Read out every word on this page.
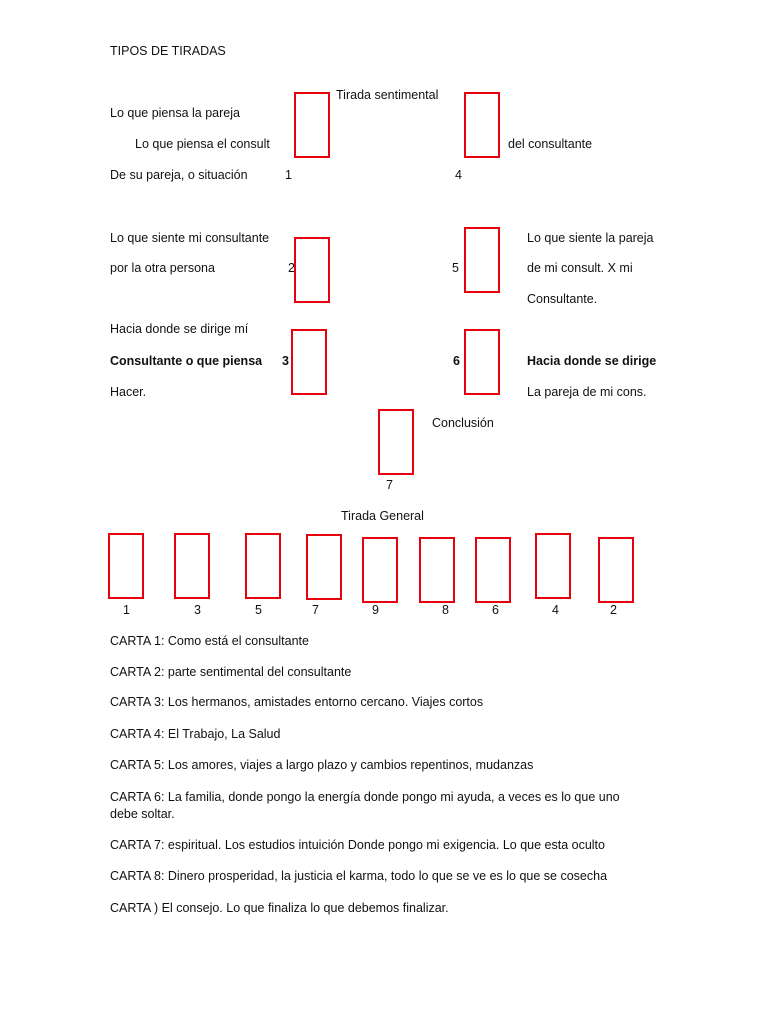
TIPOS DE TIRADAS
Tirada sentimental
Lo que piensa la pareja
Lo que piensa el consult
De su pareja, o situación
del consultante
1	4
Lo que siente mi consultante
por la otra persona	2	5
Lo que siente la pareja
de mi consult. X mi
Consultante.
Hacia donde se dirige mí
Consultante o que piensa
Hacer.
3	6	Hacia donde se dirige
La pareja de mi cons.
Conclusión
7
Tirada General
1	3	5	7	9	8	6	4	2
CARTA 1: Como está el consultante
CARTA 2: parte sentimental del consultante
CARTA 3: Los hermanos, amistades entorno cercano. Viajes cortos
CARTA 4: El Trabajo, La Salud
CARTA 5: Los amores, viajes a largo plazo y cambios repentinos, mudanzas
CARTA 6: La familia, donde pongo la energía donde pongo mi ayuda, a veces es lo que uno debe soltar.
CARTA 7: espiritual. Los estudios intuición Donde pongo mi exigencia. Lo que esta oculto
CARTA 8: Dinero prosperidad, la justicia el karma, todo lo que se ve es lo que se cosecha
CARTA ) El consejo. Lo que finaliza lo que debemos finalizar.
